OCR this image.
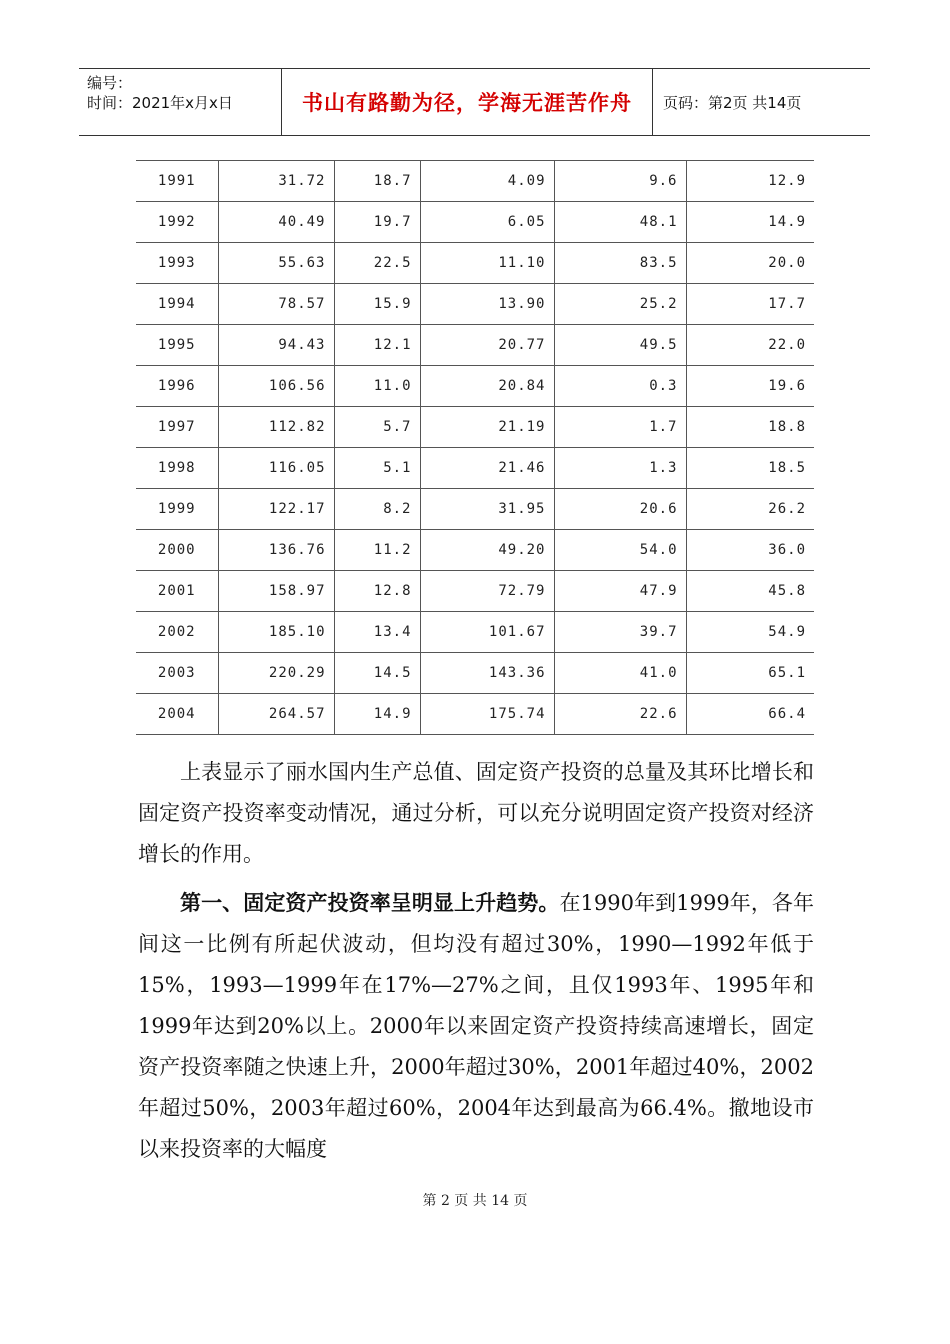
编号：
时间：2021年x月x日	书山有路勤为径，学海无涯苦作舟	页码：第2页 共14页
1991	31.72	18.7	4.09	9.6	12.9
1992	40.49	19.7	6.05	48.1	14.9
1993	55.63	22.5	11.10	83.5	20.0
1994	78.57	15.9	13.90	25.2	17.7
1995	94.43	12.1	20.77	49.5	22.0
1996	106.56	11.0	20.84	0.3	19.6
1997	112.82	5.7	21.19	1.7	18.8
1998	116.05	5.1	21.46	1.3	18.5
1999	122.17	8.2	31.95	20.6	26.2
2000	136.76	11.2	49.20	54.0	36.0
2001	158.97	12.8	72.79	47.9	45.8
2002	185.10	13.4	101.67	39.7	54.9
2003	220.29	14.5	143.36	41.0	65.1
2004	264.57	14.9	175.74	22.6	66.4

上表显示了丽水国内生产总值、固定资产投资的总量及其环比增长和固定资产投资率变动情况，通过分析，可以充分说明固定资产投资对经济增长的作用。

第一、固定资产投资率呈明显上升趋势。在1990年到1999年，各年间这一比例有所起伏波动，但均没有超过30%，1990—1992年低于15%，1993—1999年在17%—27%之间，且仅1993年、1995年和1999年达到20%以上。2000年以来固定资产投资持续高速增长，固定资产投资率随之快速上升，2000年超过30%，2001年超过40%，2002年超过50%，2003年超过60%，2004年达到最高为66.4%。撤地设市以来投资率的大幅度

第 2 页 共 14 页
